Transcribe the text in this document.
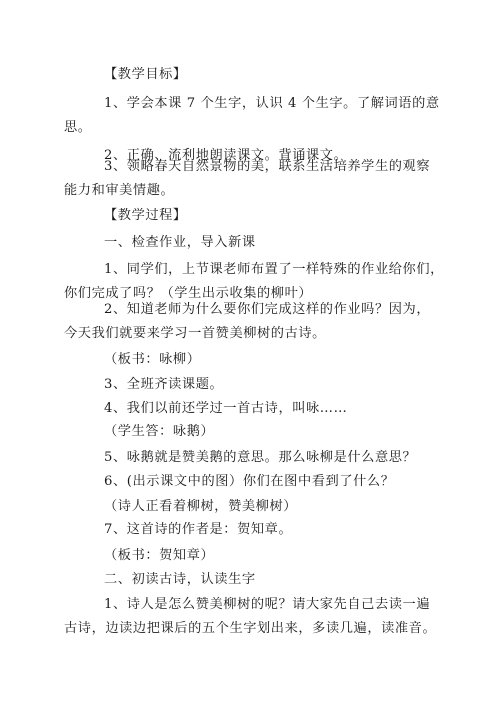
【教学目标】
1、学会本课 7 个生字，认识 4 个生字。了解词语的意
思。
2、正确、流利地朗读课文。背诵课文。
3、领略春天自然景物的美，联系生活培养学生的观察
能力和审美情趣。
【教学过程】
一、检查作业，导入新课
1、同学们，上节课老师布置了一样特殊的作业给你们，
你们完成了吗？（学生出示收集的柳叶）
2、知道老师为什么要你们完成这样的作业吗？因为，
今天我们就要来学习一首赞美柳树的古诗。
（板书：咏柳）
3、全班齐读课题。
4、我们以前还学过一首古诗，叫咏……
（学生答：咏鹅）
5、咏鹅就是赞美鹅的意思。那么咏柳是什么意思？
6、(出示课文中的图）你们在图中看到了什么？
（诗人正看着柳树，赞美柳树）
7、这首诗的作者是：贺知章。
（板书：贺知章）
二、初读古诗，认读生字
1、诗人是怎么赞美柳树的呢？请大家先自己去读一遍
古诗，边读边把课后的五个生字划出来，多读几遍，读准音。
